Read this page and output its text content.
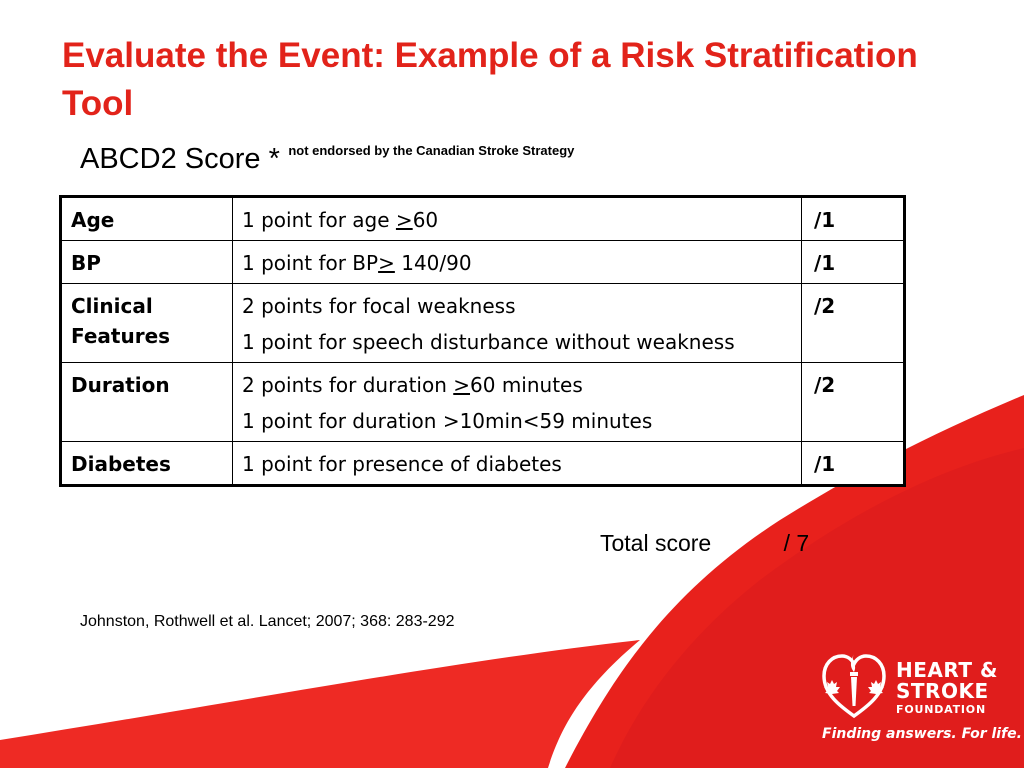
Evaluate the Event: Example of a Risk Stratification Tool
ABCD2 Score * $^{not endorsed by the Canadian Stroke Strategy}$
Age	1 point for age ≥60	/1
BP	1 point for BP≥ 140/90	/1
Clinical Features	2 points for focal weakness
1 point for speech disturbance without weakness	/2
Duration	2 points for duration ≥60 minutes
1 point for duration >10min<59 minutes	/2
Diabetes	1 point for presence of diabetes	/1
Total score	/ 7
Johnston, Rothwell et al. Lancet; 2007; 368: 283-292
HEART &
STROKE
FOUNDATION
Finding answers. For life.
